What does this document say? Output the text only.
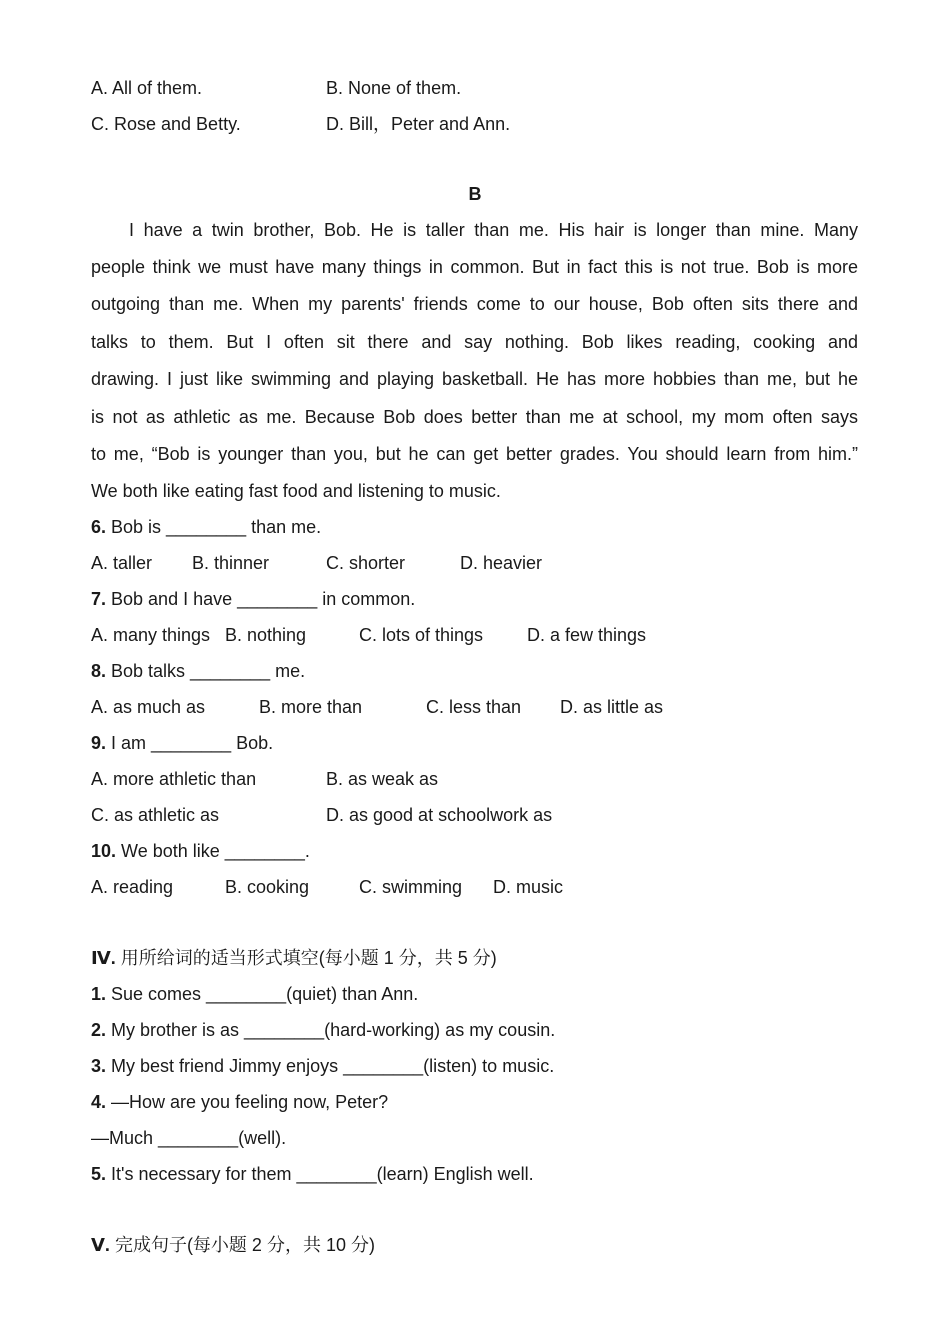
A. All of them.	B. None of them.
C. Rose and Betty.	D. Bill，Peter and Ann.
B
I have a twin brother, Bob. He is taller than me. His hair is longer than mine. Many
people think we must have many things in common. But in fact this is not true. Bob is more
outgoing than me. When my parents' friends come to our house, Bob often sits there and
talks to them. But I often sit there and say nothing. Bob likes reading, cooking and
drawing. I just like swimming and playing basketball. He has more hobbies than me, but he
is not as athletic as me. Because Bob does better than me at school, my mom often says
to me, “Bob is younger than you, but he can get better grades. You should learn from him.”
We both like eating fast food and listening to music.
6. Bob is ________ than me.
A. taller B. thinner	C. shorter	D. heavier
7. Bob and I have ________ in common.
A. many things B. nothing	C. lots of things D. a few things
8. Bob talks ________ me.
A. as much as	B. more than	C. less than D. as little as
9. I am ________ Bob.
A. more athletic than	B. as weak as
C. as athletic as	D. as good at schoolwork as
10. We both like ________.
A. reading	B. cooking	C. swimming D. music
Ⅳ. 用所给词的适当形式填空(每小题 1 分，共 5 分)
1. Sue comes ________(quiet) than Ann.
2. My brother is as ________(hard-working) as my cousin.
3. My best friend Jimmy enjoys ________(listen) to music.
4. —How are you feeling now, Peter?
—Much ________(well).
5. It's necessary for them ________(learn) English well.
Ⅴ. 完成句子(每小题 2 分，共 10 分)
